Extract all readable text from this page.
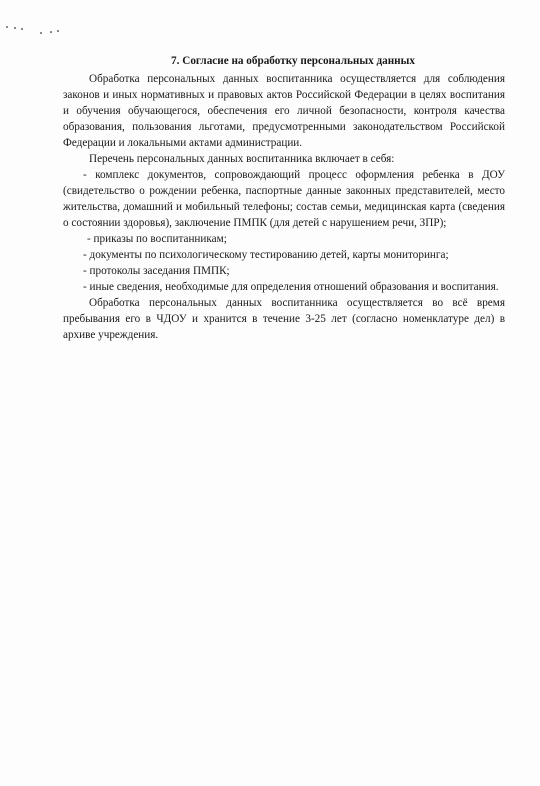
7. Согласие на обработку персональных данных

Обработка персональных данных воспитанника осуществляется для соблюдения законов и иных нормативных и правовых актов Российской Федерации в целях воспитания и обучения обучающегося, обеспечения его личной безопасности, контроля качества образования, пользования льготами, предусмотренными законодательством Российской Федерации и локальными актами администрации.

Перечень персональных данных воспитанника включает в себя:

- комплекс документов, сопровождающий процесс оформления ребенка в ДОУ (свидетельство о рождении ребенка, паспортные данные законных представителей, место жительства, домашний и мобильный телефоны; состав семьи, медицинская карта (сведения о состоянии здоровья), заключение ПМПК (для детей с нарушением речи, ЗПР);

- приказы по воспитанникам;

- документы по психологическому тестированию детей, карты мониторинга;

- протоколы заседания ПМПК;

- иные сведения, необходимые для определения отношений образования и воспитания.

Обработка персональных данных воспитанника осуществляется во всё время пребывания его в ЧДОУ и хранится в течение 3-25 лет (согласно номенклатуре дел) в архиве учреждения.
